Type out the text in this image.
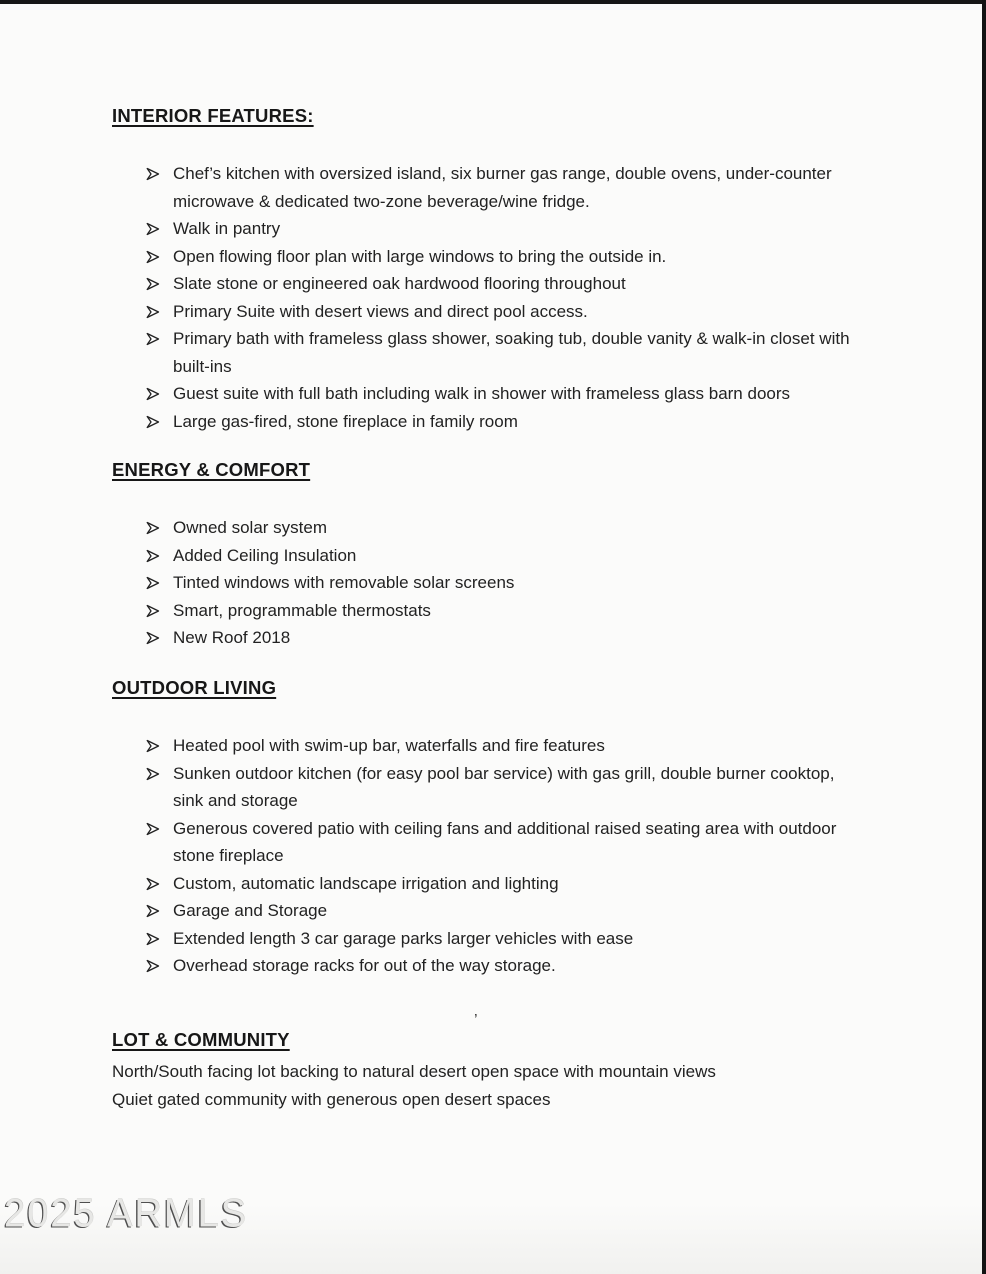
INTERIOR FEATURES:
Chef’s kitchen with oversized island, six burner gas range, double ovens, under-counter microwave & dedicated two-zone beverage/wine fridge.
Walk in pantry
Open flowing floor plan with large windows to bring the outside in.
Slate stone or engineered oak hardwood flooring throughout
Primary Suite with desert views and direct pool access.
Primary bath with frameless glass shower, soaking tub, double vanity & walk-in closet with built-ins
Guest suite with full bath including walk in shower with frameless glass barn doors
Large gas-fired, stone fireplace in family room
ENERGY & COMFORT
Owned solar system
Added Ceiling Insulation
Tinted windows with removable solar screens
Smart, programmable thermostats
New Roof 2018
OUTDOOR LIVING
Heated pool with swim-up bar, waterfalls and fire features
Sunken outdoor kitchen (for easy pool bar service) with gas grill, double burner cooktop, sink and storage
Generous covered patio with ceiling fans and additional raised seating area with outdoor stone fireplace
Custom, automatic landscape irrigation and lighting
Garage and Storage
Extended length 3 car garage parks larger vehicles with ease
Overhead storage racks for out of the way storage.
LOT & COMMUNITY

North/South facing lot backing to natural desert open space with mountain views

Quiet gated community with generous open desert spaces

’
2025 ARMLS
